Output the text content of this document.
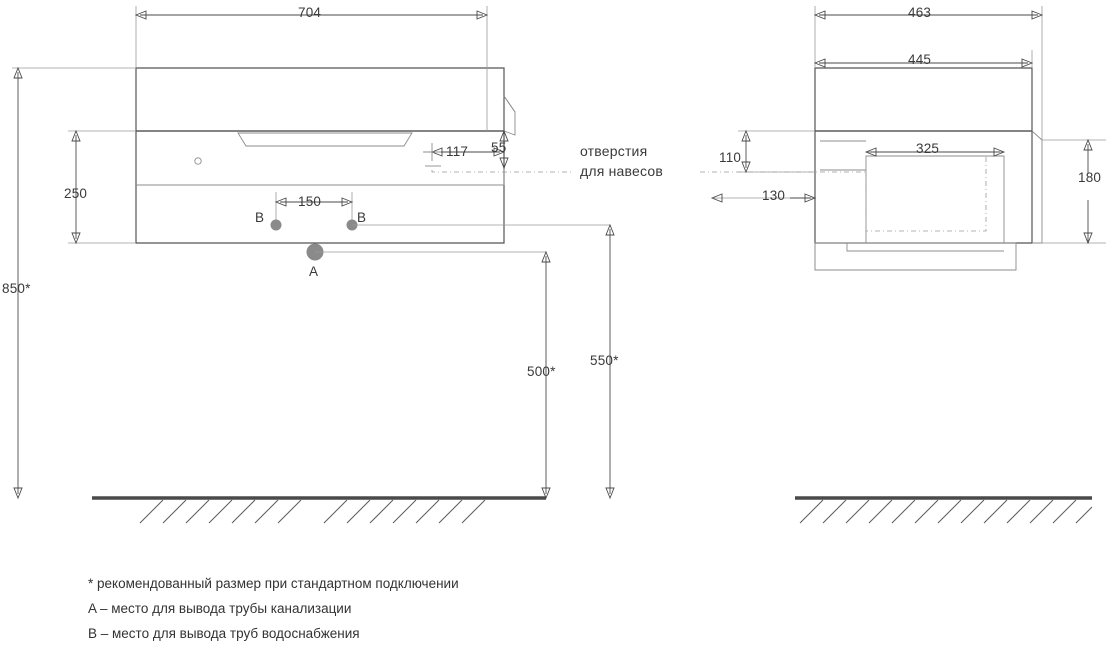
704
250
850*
117 55
150
500*
550*
B	B
A
отверстия
для навесов
463
445
110
130
325
180
* рекомендованный размер при стандартном подключении
A – место для вывода трубы канализации
B – место для вывода труб водоснабжения
